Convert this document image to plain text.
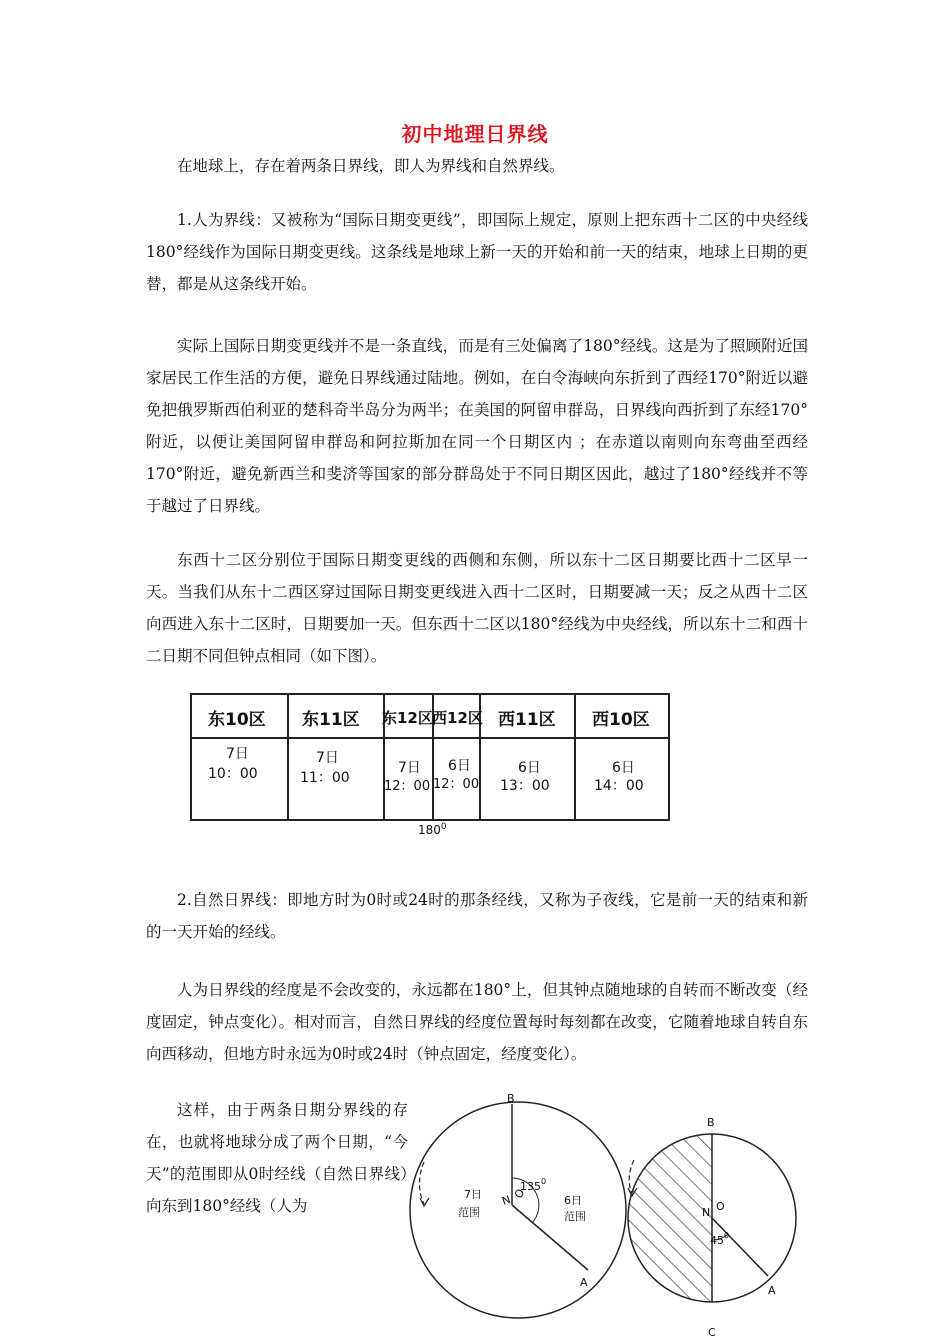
初中地理日界线

在地球上，存在着两条日界线，即人为界线和自然界线。

1.人为界线：又被称为“国际日期变更线”，即国际上规定，原则上把东西十二区的中央经线180°经线作为国际日期变更线。这条线是地球上新一天的开始和前一天的结束，地球上日期的更替，都是从这条线开始。

实际上国际日期变更线并不是一条直线，而是有三处偏离了180°经线。这是为了照顾附近国家居民工作生活的方便，避免日界线通过陆地。例如，在白令海峡向东折到了西经170°附近以避免把俄罗斯西伯利亚的楚科奇半岛分为两半；在美国的阿留申群岛，日界线向西折到了东经170°附近，以便让美国阿留申群岛和阿拉斯加在同一个日期区内 ；在赤道以南则向东弯曲至西经170°附近，避免新西兰和斐济等国家的部分群岛处于不同日期区因此，越过了180°经线并不等于越过了日界线。

东西十二区分别位于国际日期变更线的西侧和东侧，所以东十二区日期要比西十二区早一天。当我们从东十二西区穿过国际日期变更线进入西十二区时，日期要减一天；反之从西十二区向西进入东十二区时，日期要加一天。但东西十二区以180°经线为中央经线，所以东十二和西十二日期不同但钟点相同（如下图）。

东10区 东11区 东12区 西12区 西11区 西10区
7日
10：00
7日
11：00
7日
12：00
6日
12：00
6日
13：00
6日
14：00
$180^0$

2.自然日界线：即地方时为0时或24时的那条经线，又称为子夜线，它是前一天的结束和新的一天开始的经线。

人为日界线的经度是不会改变的，永远都在180°上，但其钟点随地球的自转而不断改变（经度固定，钟点变化）。相对而言，自然日界线的经度位置每时每刻都在改变，它随着地球自转自东向西移动，但地方时永远为0时或24时（钟点固定，经度变化）。

这样，由于两条日期分界线的存在，也就将地球分成了两个日期，“今天”的范围即从0时经线（自然日界线）向东到180°经线（人为

B
A
O
N
$135^0$
7日
范围
6日
范围
B
A
C
O
N
$45^0$
